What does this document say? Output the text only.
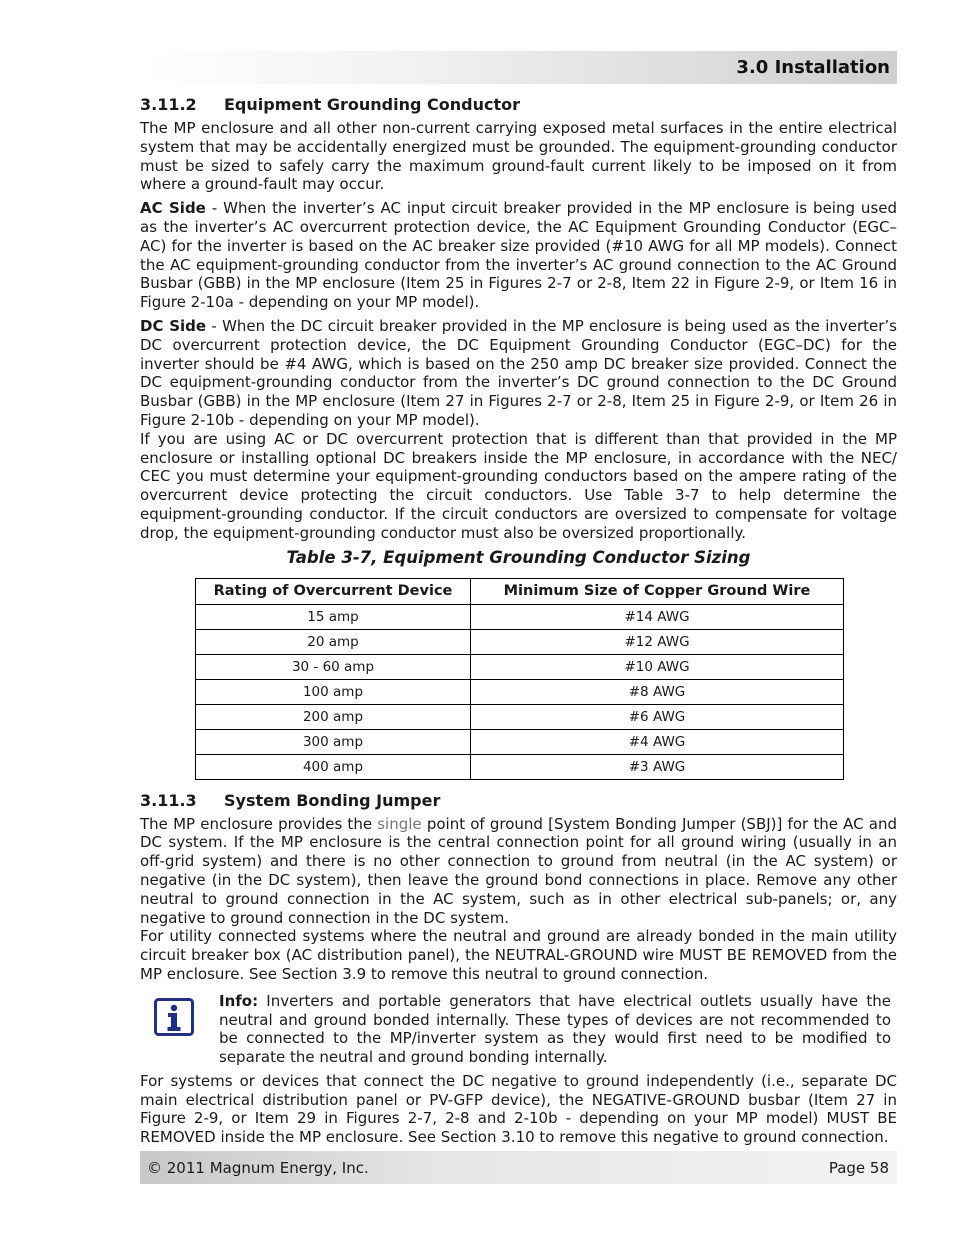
3.0 Installation
3.11.2 Equipment Grounding Conductor

The MP enclosure and all other non-current carrying exposed metal surfaces in the entire electrical system that may be accidentally energized must be grounded. The equipment-grounding conductor must be sized to safely carry the maximum ground-fault current likely to be imposed on it from where a ground-fault may occur.

AC Side - When the inverter’s AC input circuit breaker provided in the MP enclosure is being used as the inverter’s AC overcurrent protection device, the AC Equipment Grounding Conductor (EGC–AC) for the inverter is based on the AC breaker size provided (#10 AWG for all MP models). Connect the AC equipment-grounding conductor from the inverter’s AC ground connection to the AC Ground Busbar (GBB) in the MP enclosure (Item 25 in Figures 2-7 or 2-8, Item 22 in Figure 2-9, or Item 16 in Figure 2-10a - depending on your MP model).

DC Side - When the DC circuit breaker provided in the MP enclosure is being used as the inverter’s DC overcurrent protection device, the DC Equipment Grounding Conductor (EGC–DC) for the inverter should be #4 AWG, which is based on the 250 amp DC breaker size provided. Connect the DC equipment-grounding conductor from the inverter’s DC ground connection to the DC Ground Busbar (GBB) in the MP enclosure (Item 27 in Figures 2-7 or 2-8, Item 25 in Figure 2-9, or Item 26 in Figure 2-10b - depending on your MP model).

If you are using AC or DC overcurrent protection that is different than that provided in the MP enclosure or installing optional DC breakers inside the MP enclosure, in accordance with the NEC/ CEC you must determine your equipment-grounding conductors based on the ampere rating of the overcurrent device protecting the circuit conductors. Use Table 3-7 to help determine the equipment-grounding conductor. If the circuit conductors are oversized to compensate for voltage drop, the equipment-grounding conductor must also be oversized proportionally.

Table 3-7, Equipment Grounding Conductor Sizing
Rating of Overcurrent Device	Minimum Size of Copper Ground Wire
15 amp	#14 AWG
20 amp	#12 AWG
30 - 60 amp	#10 AWG
100 amp	#8 AWG
200 amp	#6 AWG
300 amp	#4 AWG
400 amp	#3 AWG
3.11.3 System Bonding Jumper

The MP enclosure provides the single point of ground [System Bonding Jumper (SBJ)] for the AC and DC system. If the MP enclosure is the central connection point for all ground wiring (usually in an off-grid system) and there is no other connection to ground from neutral (in the AC system) or negative (in the DC system), then leave the ground bond connections in place. Remove any other neutral to ground connection in the AC system, such as in other electrical sub-panels; or, any negative to ground connection in the DC system.

For utility connected systems where the neutral and ground are already bonded in the main utility circuit breaker box (AC distribution panel), the NEUTRAL-GROUND wire MUST BE REMOVED from the MP enclosure. See Section 3.9 to remove this neutral to ground connection.

Info: Inverters and portable generators that have electrical outlets usually have the neutral and ground bonded internally. These types of devices are not recommended to be connected to the MP/inverter system as they would first need to be modified to separate the neutral and ground bonding internally.

For systems or devices that connect the DC negative to ground independently (i.e., separate DC main electrical distribution panel or PV-GFP device), the NEGATIVE-GROUND busbar (Item 27 in Figure 2-9, or Item 29 in Figures 2-7, 2-8 and 2-10b - depending on your MP model) MUST BE REMOVED inside the MP enclosure. See Section 3.10 to remove this negative to ground connection.

© 2011 Magnum Energy, Inc.	Page 58
